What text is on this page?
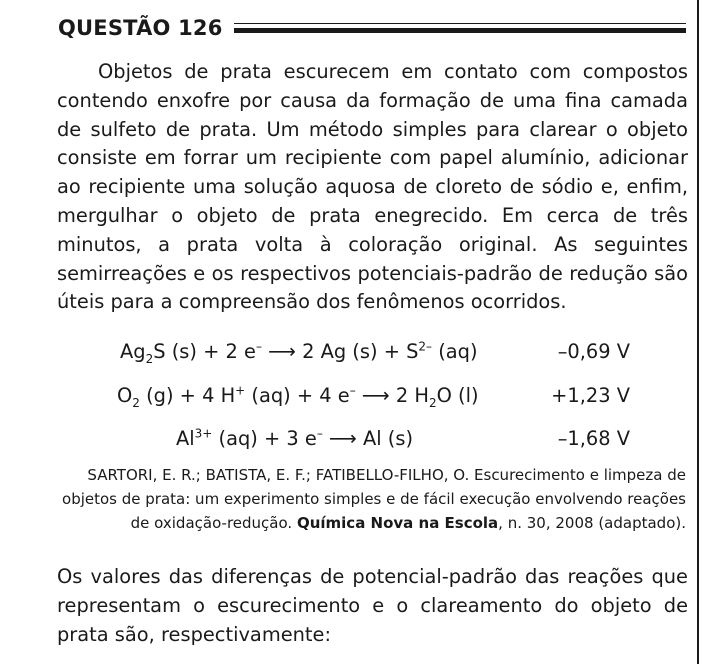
QUESTÃO 126

Objetos de prata escurecem em contato com compostos contendo enxofre por causa da formação de uma fina camada de sulfeto de prata. Um método simples para clarear o objeto consiste em forrar um recipiente com papel alumínio, adicionar ao recipiente uma solução aquosa de cloreto de sódio e, enfim, mergulhar o objeto de prata enegrecido. Em cerca de três minutos, a prata volta à coloração original. As seguintes semirreações e os respectivos potenciais-padrão de redução são úteis para a compreensão dos fenômenos ocorridos.

$Ag_2S$ (s) + 2 e– ⟶ 2 Ag $(s) + S^{2-}$ (aq)	–0,69 V
$O_2$ (g) + 4 H+ (aq) + 4 e– ⟶ 2 $H_2O$ (l)	+1,23 V
$Al^{3+}$ (aq) + 3 e– ⟶ Al (s)	–1,68 V

SARTORI, E. R.; BATISTA, E. F.; FATIBELLO-FILHO, O. Escurecimento e limpeza de objetos de prata: um experimento simples e de fácil execução envolvendo reações de oxidação-redução. Química Nova na Escola, n. 30, 2008 (adaptado).

Os valores das diferenças de potencial-padrão das reações que representam o escurecimento e o clareamento do objeto de prata são, respectivamente:
